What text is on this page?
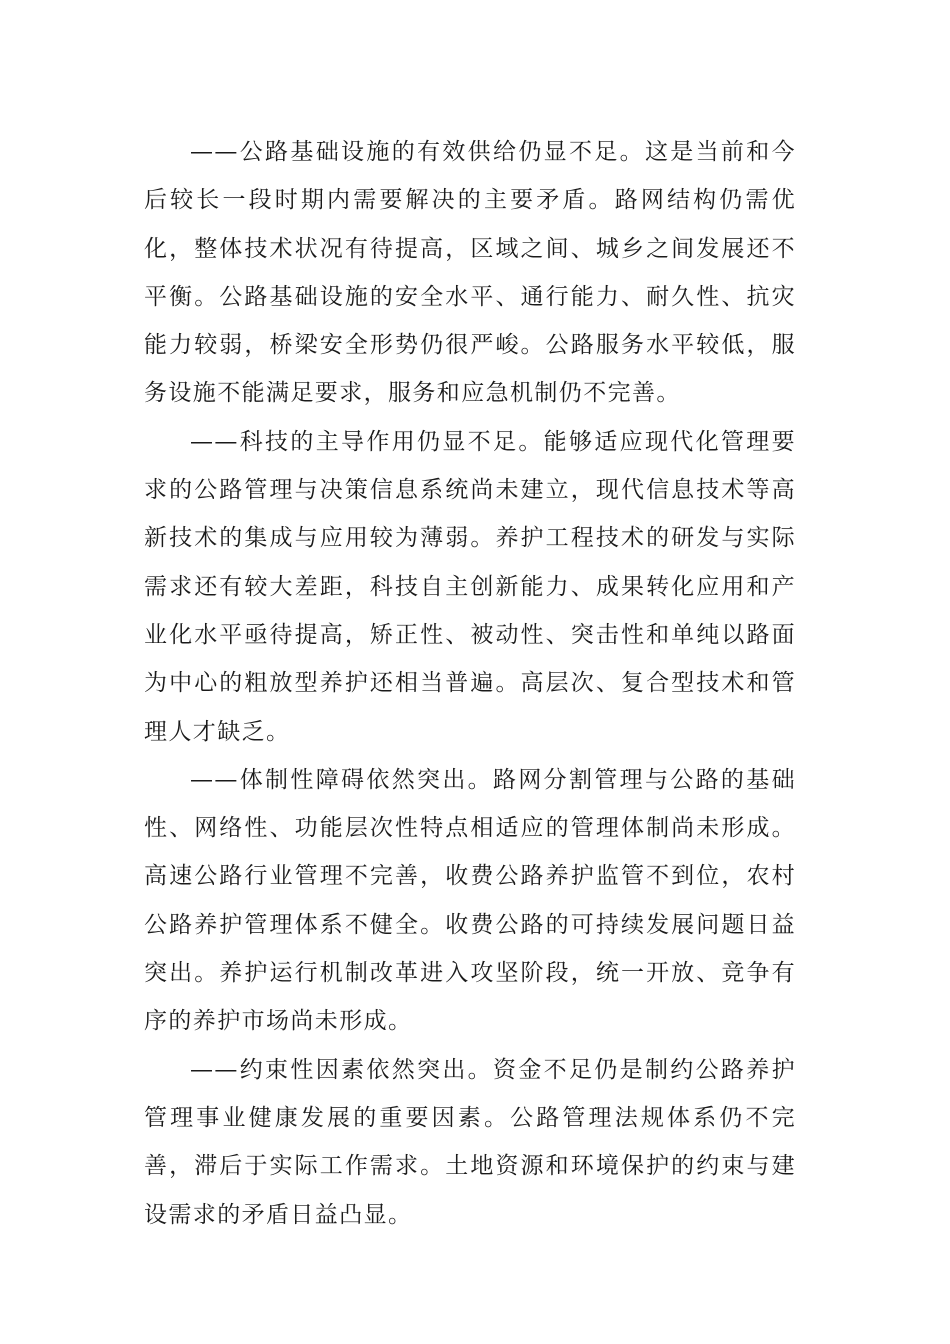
——公路基础设施的有效供给仍显不足。这是当前和今后较长一段时期内需要解决的主要矛盾。路网结构仍需优化，整体技术状况有待提高，区域之间、城乡之间发展还不平衡。公路基础设施的安全水平、通行能力、耐久性、抗灾能力较弱，桥梁安全形势仍很严峻。公路服务水平较低，服务设施不能满足要求，服务和应急机制仍不完善。

——科技的主导作用仍显不足。能够适应现代化管理要求的公路管理与决策信息系统尚未建立，现代信息技术等高新技术的集成与应用较为薄弱。养护工程技术的研发与实际需求还有较大差距，科技自主创新能力、成果转化应用和产业化水平亟待提高，矫正性、被动性、突击性和单纯以路面为中心的粗放型养护还相当普遍。高层次、复合型技术和管理人才缺乏。

——体制性障碍依然突出。路网分割管理与公路的基础性、网络性、功能层次性特点相适应的管理体制尚未形成。高速公路行业管理不完善，收费公路养护监管不到位，农村公路养护管理体系不健全。收费公路的可持续发展问题日益突出。养护运行机制改革进入攻坚阶段，统一开放、竞争有序的养护市场尚未形成。

——约束性因素依然突出。资金不足仍是制约公路养护管理事业健康发展的重要因素。公路管理法规体系仍不完善，滞后于实际工作需求。土地资源和环境保护的约束与建设需求的矛盾日益凸显。
